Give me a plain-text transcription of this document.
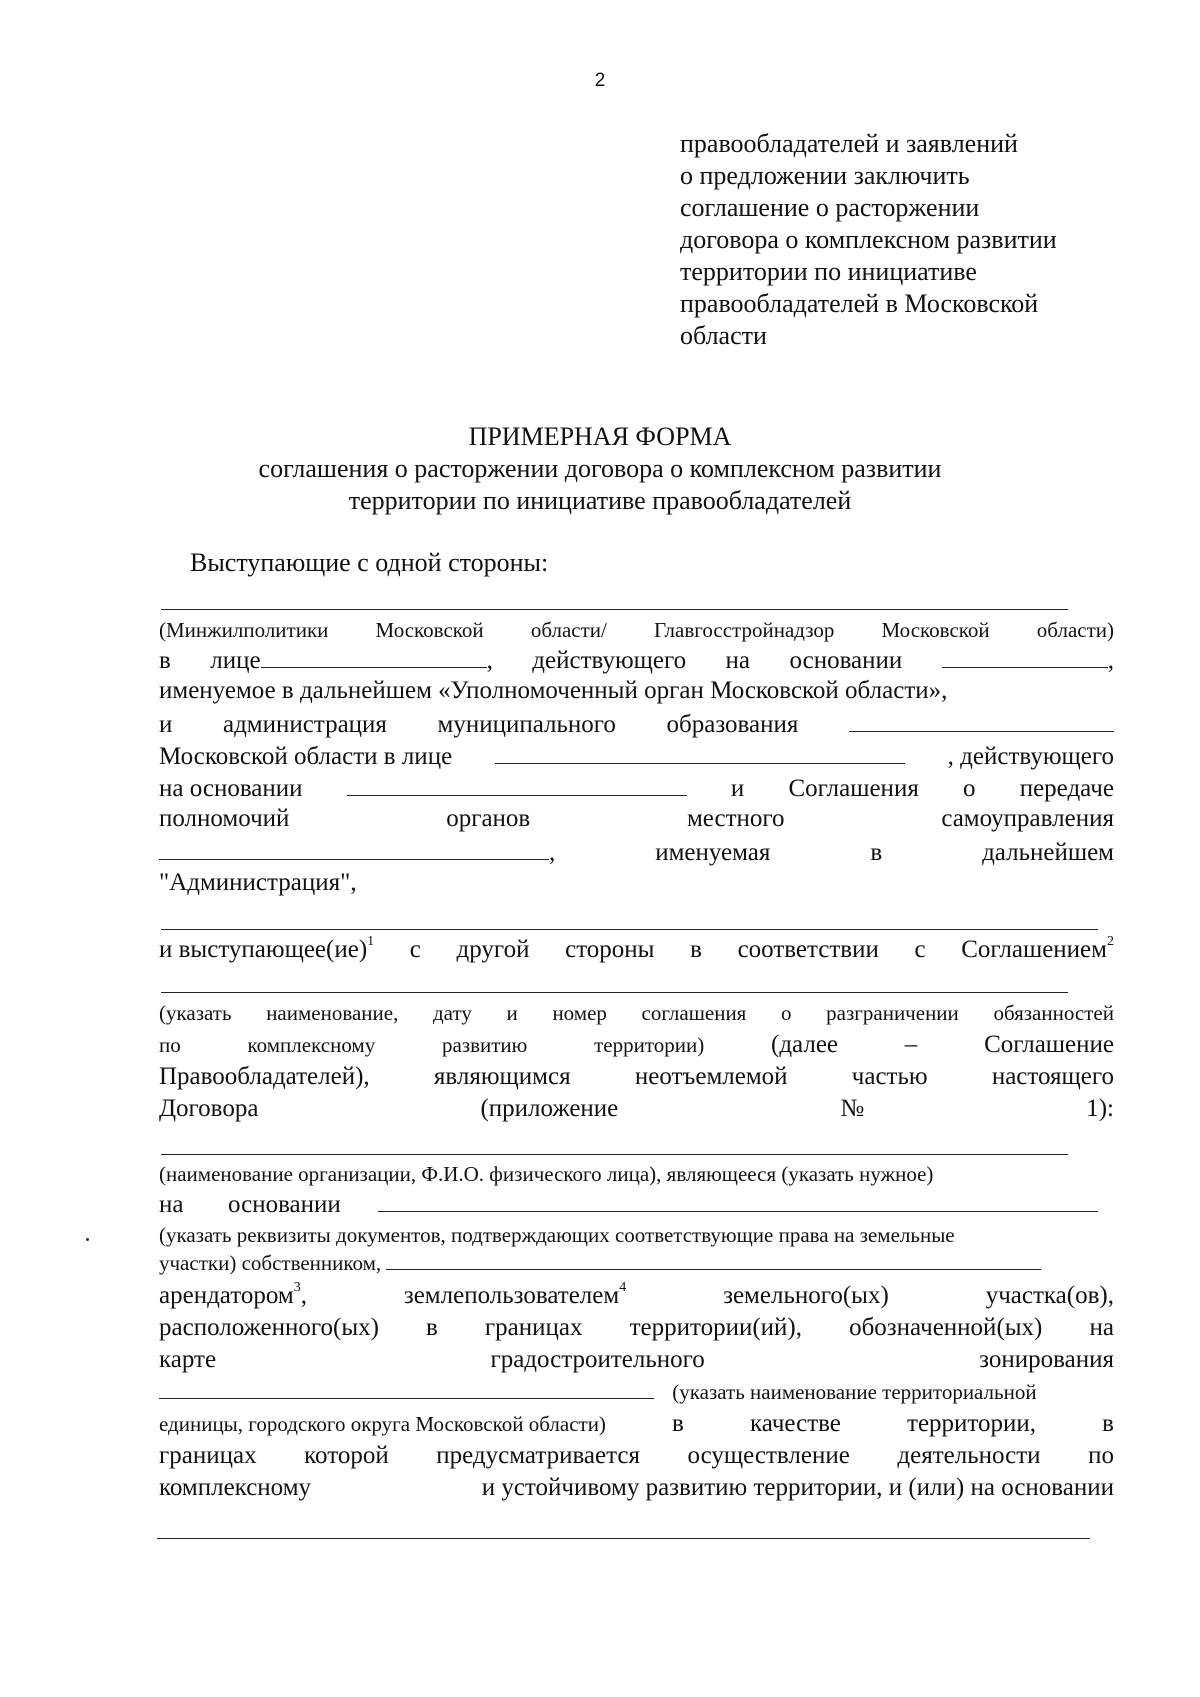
2
правообладателей и заявлений
о предложении заключить
соглашение о расторжении
договора о комплексном развитии
территории по инициативе
правообладателей в Московской
области
ПРИМЕРНАЯ ФОРМА
соглашения о расторжении договора о комплексном развитии
территории по инициативе правообладателей
Выступающие с одной стороны:
(Минжилполитики Московской области/ Главгосстройнадзор Московской области)
в лице	, действующего на основании	,
именуемое в дальнейшем «Уполномоченный орган Московской области»,
и администрация муниципального образования
Московской области в лице	, действующего
на основании	и Соглашения о передаче
полномочий	органов	местного	самоуправления
,	именуемая	в	дальнейшем
"Администрация",
и выступающее(ие)$^1$ с другой стороны в соответствии с Соглашением$^2$
(указать наименование, дату и номер соглашения о разграничении обязанностей
по	комплексному	развитию	территории)	(далее	–	Соглашение
Правообладателей),	являющимся	неотъемлемой	частью	настоящего
Договора	(приложение	№	1):
(наименование организации, Ф.И.О. физического лица), являющееся (указать нужное)
на основании
(указать реквизиты документов, подтверждающих соответствующие права на земельные
участки) собственником,
арендатором$^3$,	землепользователем$^4$	земельного(ых)	участка(ов),
расположенного(ых) в границах территории(ий), обозначенной(ых) на
карте	градостроительного	зонирования
(указать наименование территориальной
единицы, городского округа Московской области)	в	качестве	территории,	в
границах которой предусматривается осуществление деятельности по
комплексному	и устойчивому развитию территории, и (или) на основании
